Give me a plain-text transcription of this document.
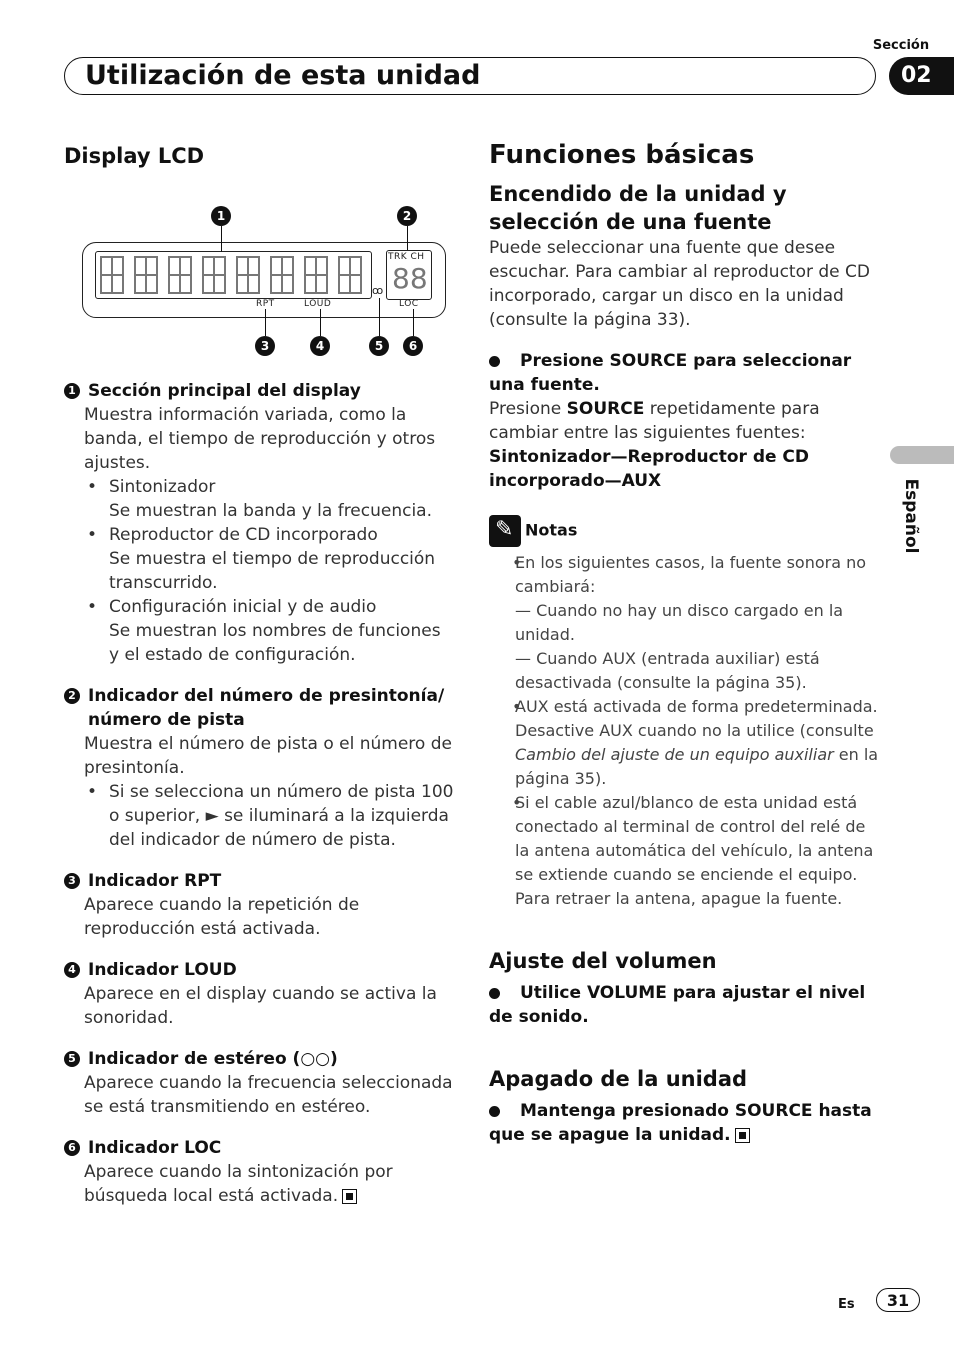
Sección
02
Utilización de esta unidad
Español
Display LCD
TRK CH
88
RPT	LOUD	LOC
ꝏ
1	2
3	4	5	6
1 Sección principal del display
Muestra información variada, como la banda, el tiempo de reproducción y otros ajustes.
• Sintonizador
Se muestran la banda y la frecuencia.
• Reproductor de CD incorporado
Se muestra el tiempo de reproducción transcurrido.
• Configuración inicial y de audio
Se muestran los nombres de funciones y el estado de configuración.
2 Indicador del número de presintonía/ número de pista
Muestra el número de pista o el número de presintonía.
• Si se selecciona un número de pista 100 o superior, ► se iluminará a la izquierda del indicador de número de pista.
3 Indicador RPT
Aparece cuando la repetición de reproducción está activada.
4 Indicador LOUD
Aparece en el display cuando se activa la sonoridad.
5 Indicador de estéreo (○○)
Aparece cuando la frecuencia seleccionada se está transmitiendo en estéreo.
6 Indicador LOC
Aparece cuando la sintonización por búsqueda local está activada.
Funciones básicas
Encendido de la unidad y selección de una fuente
Puede seleccionar una fuente que desee escuchar. Para cambiar al reproductor de CD incorporado, cargar un disco en la unidad (consulte la página 33).
Presione SOURCE para seleccionar una fuente.
Presione SOURCE repetidamente para cambiar entre las siguientes fuentes:
Sintonizador—Reproductor de CD incorporado—AUX
✎Notas
• En los siguientes casos, la fuente sonora no cambiará:
— Cuando no hay un disco cargado en la unidad.
— Cuando AUX (entrada auxiliar) está desactivada (consulte la página 35).
• AUX está activada de forma predeterminada. Desactive AUX cuando no la utilice (consulte Cambio del ajuste de un equipo auxiliar en la página 35).
• Si el cable azul/blanco de esta unidad está conectado al terminal de control del relé de la antena automática del vehículo, la antena se extiende cuando se enciende el equipo. Para retraer la antena, apague la fuente.
Ajuste del volumen
Utilice VOLUME para ajustar el nivel de sonido.
Apagado de la unidad
Mantenga presionado SOURCE hasta que se apague la unidad.
Es	31
